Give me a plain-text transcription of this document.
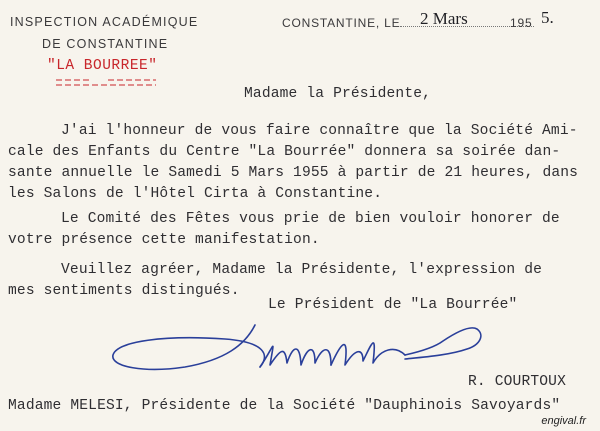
INSPECTION ACADÉMIQUE
DE CONSTANTINE
CONSTANTINE, LE 2 Mars	195 5.
"LA BOURREE"
Madame la Présidente,
J'ai l'honneur de vous faire connaître que la Société Ami-
cale des Enfants du Centre "La Bourrée" donnera sa soirée dan-
sante annuelle le Samedi 5 Mars 1955 à partir de 21 heures, dans
les Salons de l'Hôtel Cirta à Constantine.
Le Comité des Fêtes vous prie de bien vouloir honorer de
votre présence cette manifestation.
Veuillez agréer, Madame la Présidente, l'expression de
mes sentiments distingués.
Le Président de "La Bourrée"
R. COURTOUX
Madame MELESI, Présidente de la Société "Dauphinois Savoyards"
engival.fr
